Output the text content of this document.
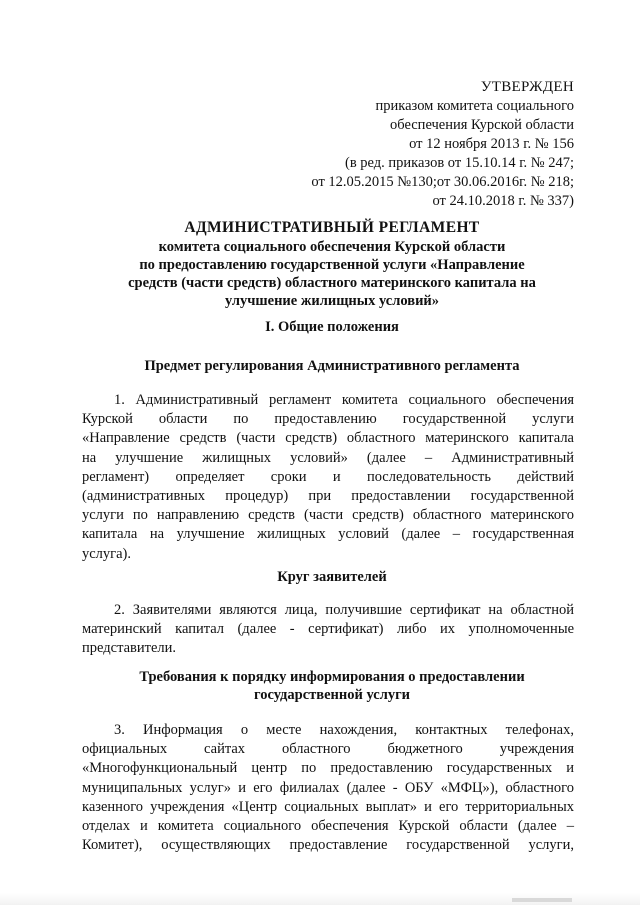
УТВЕРЖДЕН
приказом комитета социального
обеспечения Курской области
от 12 ноября 2013 г. № 156
(в ред. приказов от 15.10.14 г. № 247;
от 12.05.2015 №130;от 30.06.2016г. № 218;
от 24.10.2018 г. № 337)
АДМИНИСТРАТИВНЫЙ РЕГЛАМЕНТ
комитета социального обеспечения Курской области
по предоставлению государственной услуги «Направление
средств (части средств) областного материнского капитала на
улучшение жилищных условий»
I. Общие положения
Предмет регулирования Административного регламента
1. Административный регламент комитета социального обеспечения
Курской области по предоставлению государственной услуги
«Направление средств (части средств) областного материнского капитала
на улучшение жилищных условий» (далее – Административный
регламент) определяет сроки и последовательность действий
(административных процедур) при предоставлении государственной
услуги по направлению средств (части средств) областного материнского
капитала на улучшение жилищных условий (далее – государственная
услуга).
Круг заявителей
2. Заявителями являются лица, получившие сертификат на областной
материнский капитал (далее - сертификат) либо их уполномоченные
представители.
Требования к порядку информирования о предоставлении
государственной услуги
3. Информация о месте нахождения, контактных телефонах,
официальных сайтах областного бюджетного учреждения
«Многофункциональный центр по предоставлению государственных и
муниципальных услуг» и его филиалах (далее - ОБУ «МФЦ»), областного
казенного учреждения «Центр социальных выплат» и его территориальных
отделах и комитета социального обеспечения Курской области (далее –
Комитет), осуществляющих предоставление государственной услуги,
